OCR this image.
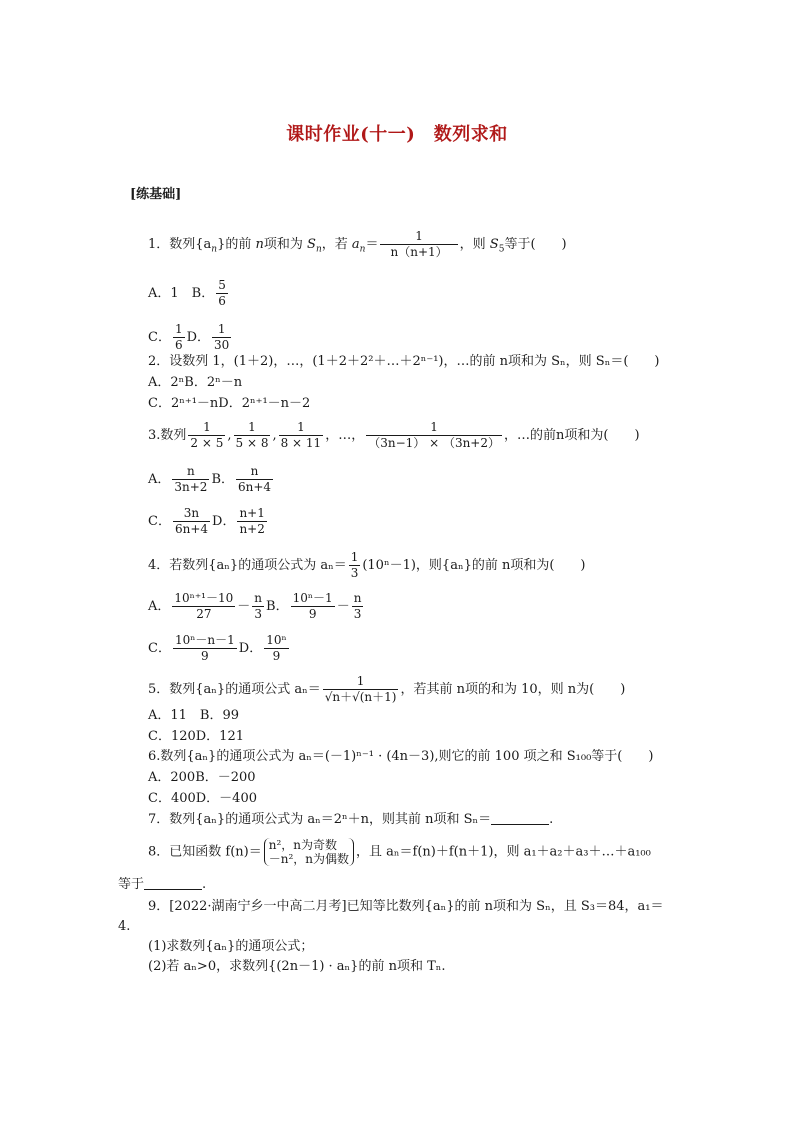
课时作业(十一)　数列求和
[练基础]
1．数列$\{a_n\}$的前 n项和为 $S_n$，若 $a_n= \frac{1}{n(n+1)}$ ，则 $S_5$等于(　　)
A．1　B． $\frac{5}{6}$
C． $\frac{1}{6}$ D． $\frac{1}{30}$
2．设数列 1，(1＋2)，…，(1＋2＋2²＋…＋2ⁿ⁻¹)，…的前 n项和为 Sₙ，则 Sₙ＝(　　)
A．2ⁿB．2ⁿ－n
C．2ⁿ⁺¹－nD．2ⁿ⁺¹－n－2
3.数列 $\frac{1}{2 \times 5}$ , $\frac{1}{5 \times 8}$ , $\frac{1}{8 \times 11}$ ，…， $\frac{1}{(3n-1) \times (3n+2)}$ ，…的前n项和为(　　)
A． $\frac{n}{3n+2}$ B． $\frac{n}{6n+4}$
C． $\frac{3n}{6n+4}$ D． $\frac{n+1}{n+2}$
4．若数列{aₙ}的通项公式为 $a_n= \frac{1}{3} (10^n-1)$，则{aₙ}的前 n项和为(　　)
A． $\frac{\text{10ⁿ⁺¹－10}}{27} - \frac{n}{3}$ B． $\frac{\text{10ⁿ－1}}{9} - \frac{n}{3}$
C． $\frac{\text{10ⁿ－n－1}}{9}$ D． $\frac{\text{10ⁿ}}{9}$
5．数列{aₙ}的通项公式 $a_n= \frac{1}{√n+√(n+1)}$ ，若其前 n项的和为 10，则 n为(　　)
A．11　B．99
C．120D．121
6.数列{aₙ}的通项公式为 aₙ＝(－1)ⁿ⁻¹ · (4n－3),则它的前 100 项之和 S₁₀₀等于(　　)
A．200B．－200
C．400D．－400
7．数列{aₙ}的通项公式为 aₙ＝2ⁿ＋n，则其前 n项和 Sₙ＝	.
8．已知函数 f(n)＝ n²，n为奇数
－n²，n为偶数 ，且 aₙ＝f(n)＋f(n＋1)，则 a₁＋a₂＋a₃＋…＋a₁₀₀
等于	.
9．[2022·湖南宁乡一中高二月考]已知等比数列{aₙ}的前 n项和为 Sₙ，且 S₃＝84，a₁＝
4.
(1)求数列{aₙ}的通项公式；
(2)若 aₙ>0，求数列{(2n－1) · aₙ}的前 n项和 Tₙ.
